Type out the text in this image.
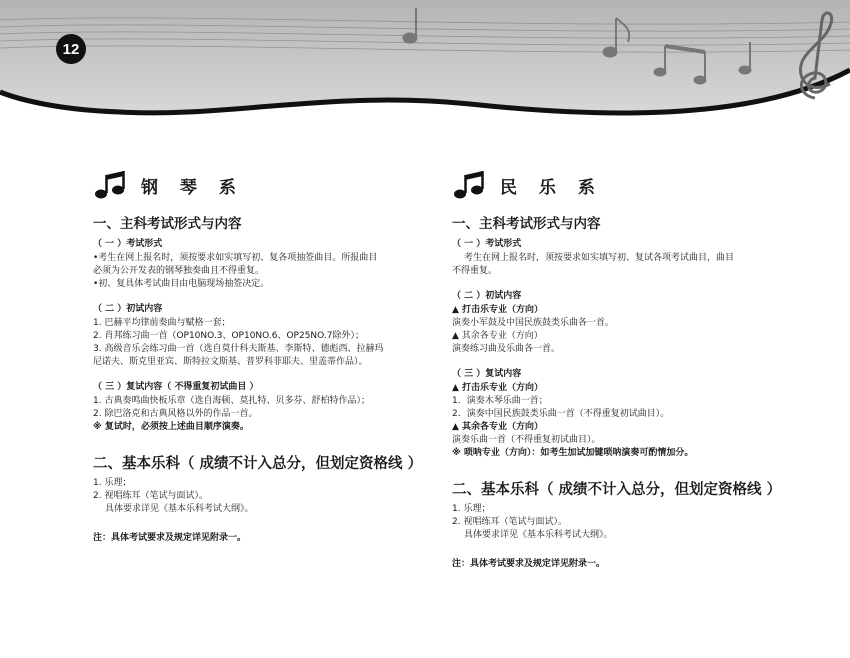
12
钢 琴 系
一、主科考试形式与内容
（ 一 ）考试形式

•考生在网上报名时，须按要求如实填写初、复各项抽签曲目。所报曲目

必须为公开发表的钢琴独奏曲且不得重复。

•初、复具体考试曲目由电脑现场抽签决定。

（ 二 ）初试内容

1. 巴赫平均律前奏曲与赋格一套；

2. 肖邦练习曲一首（OP10NO.3、OP10NO.6、OP25NO.7除外）；

3. 高级音乐会练习曲一首（选自莫什科夫斯基、李斯特、德彪西、拉赫玛

尼诺夫、斯克里亚宾、斯特拉文斯基、普罗科菲耶夫、里盖蒂作品）。

（ 三 ）复试内容（ 不得重复初试曲目 ）

1. 古典奏鸣曲快板乐章（选自海顿、莫扎特、贝多芬、舒柏特作品）；

2. 除巴洛克和古典风格以外的作品一首。

※ 复试时，必须按上述曲目顺序演奏。

二、基本乐科（ 成绩不计入总分，但划定资格线 ）

1. 乐理；

2. 视唱练耳（笔试与面试）。

具体要求详见《基本乐科考试大纲》。

注：具体考试要求及规定详见附录一。
民 乐 系
一、主科考试形式与内容
（ 一 ）考试形式

考生在网上报名时，须按要求如实填写初、复试各项考试曲目，曲目

不得重复。

（ 二 ）初试内容

▲ 打击乐专业（方向）

演奏小军鼓及中国民族鼓类乐曲各一首。

▲ 其余各专业（方向）

演奏练习曲及乐曲各一首。

（ 三 ）复试内容

▲ 打击乐专业（方向）

1．演奏木琴乐曲一首；

2．演奏中国民族鼓类乐曲一首（不得重复初试曲目）。

▲ 其余各专业（方向）

演奏乐曲一首（不得重复初试曲目）。

※ 唢呐专业（方向）：如考生加试加键唢呐演奏可酌情加分。

二、基本乐科（ 成绩不计入总分，但划定资格线 ）

1. 乐理；

2. 视唱练耳（笔试与面试）。

具体要求详见《基本乐科考试大纲》。

注：具体考试要求及规定详见附录一。
